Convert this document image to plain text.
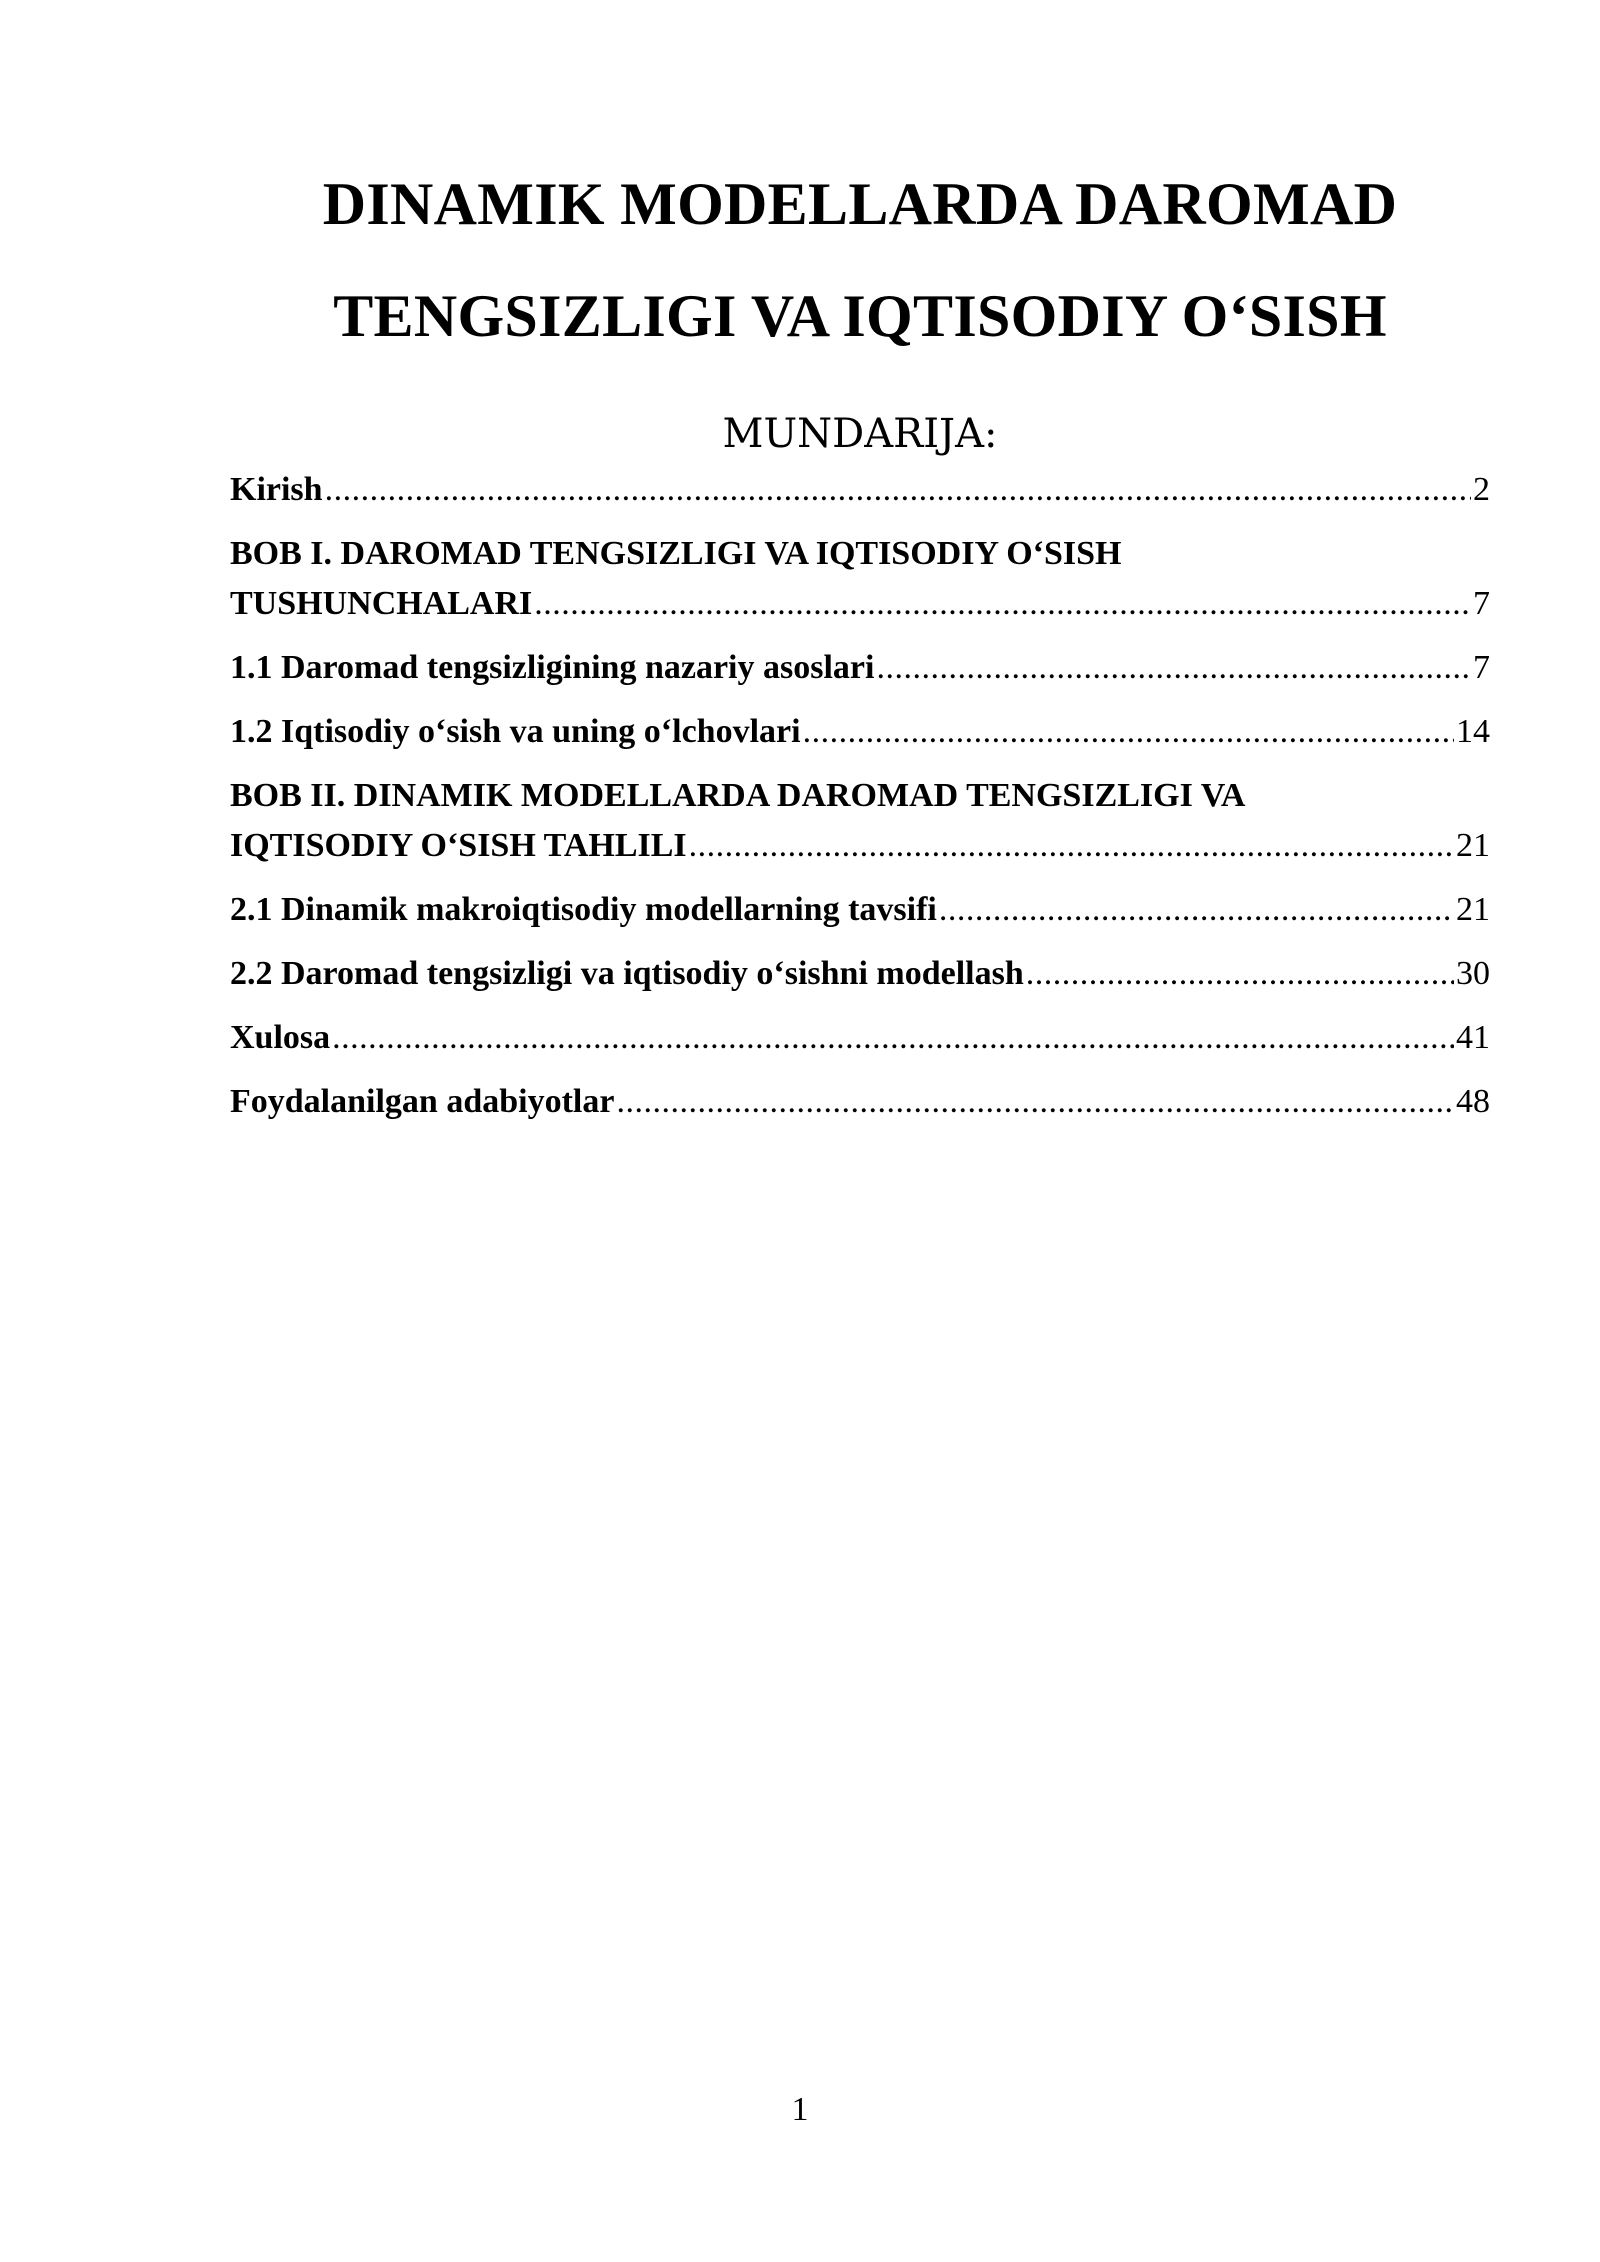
DINAMIK MODELLARDA DAROMAD
TENGSIZLIGI VA IQTISODIY O‘SISH
MUNDARIJA:
Kirish .....	2
BOB I. DAROMAD TENGSIZLIGI VA IQTISODIY O‘SISH
TUSHUNCHALARI .....	7
1.1 Daromad tengsizligining nazariy asoslari .....	7
1.2 Iqtisodiy o‘sish va uning o‘lchovlari .....	14
BOB II. DINAMIK MODELLARDA DAROMAD TENGSIZLIGI VA
IQTISODIY O‘SISH TAHLILI .....	21
2.1 Dinamik makroiqtisodiy modellarning tavsifi .....	21
2.2 Daromad tengsizligi va iqtisodiy o‘sishni modellash .....	30
Xulosa .....	41
Foydalanilgan adabiyotlar .....	48
1
